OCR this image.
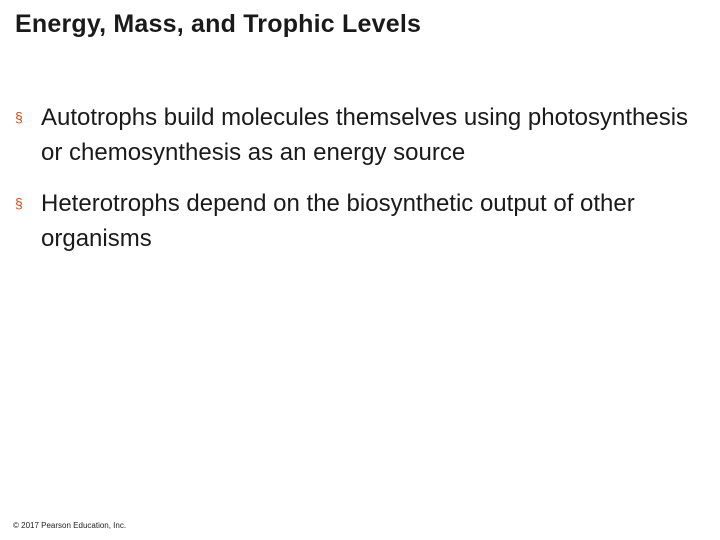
Energy, Mass, and Trophic Levels
§ Autotrophs build molecules themselves using photosynthesis or chemosynthesis as an energy source
§ Heterotrophs depend on the biosynthetic output of other organisms
© 2017 Pearson Education, Inc.
